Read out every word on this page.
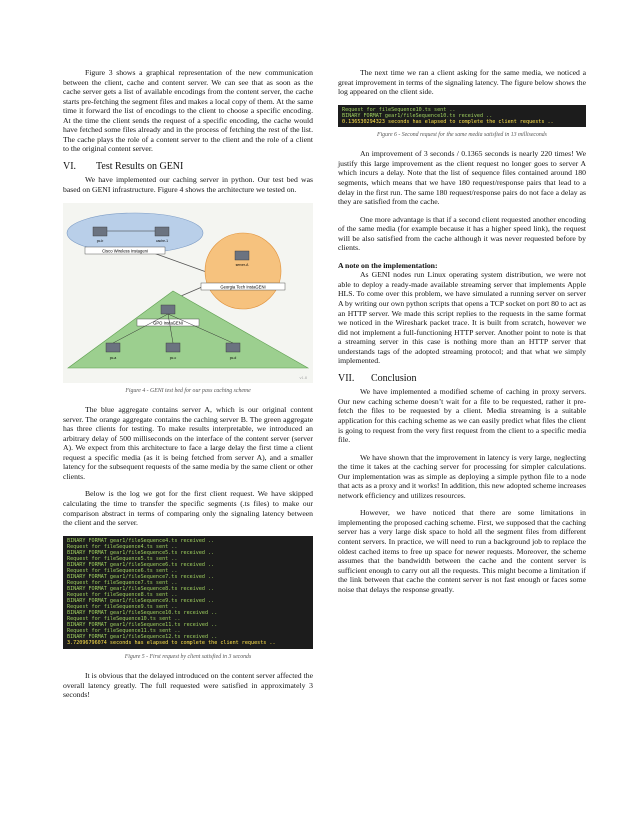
Figure 3 shows a graphical representation of the new communication between the client, cache and content server. We can see that as soon as the cache server gets a list of available encodings from the content server, the cache starts pre-fetching the segment files and makes a local copy of them. At the same time it forward the list of encodings to the client to choose a specific encoding. At the time the client sends the request of a specific encoding, the cache would have fetched some files already and in the process of fetching the rest of the list. The cache plays the role of a content server to the client and the role of a client to the original content server.

VI.	Test Results on GENI

We have implemented our caching server in python. Our test bed was based on GENI infrastructure. Figure 4 shows the architecture we tested on.

Cisco Wireless Instageni
pc-b	cache-1
Georgia Tech InstaGENI
server-A
GPO InstaGENI
pc-a	pc-c	pc-d
v1.8
Figure 4 - GENI test bed for our pass caching scheme

The blue aggregate contains server A, which is our original content server. The orange aggregate contains the caching server B. The green aggregate has three clients for testing. To make results interpretable, we introduced an arbitrary delay of 500 milliseconds on the interface of the content server (server A). We expect from this architecture to face a large delay the first time a client request a specific media (as it is being fetched from server A), and a smaller latency for the subsequent requests of the same media by the same client or other clients.

Below is the log we got for the first client request. We have skipped calculating the time to transfer the specific segments (.ts files) to make our comparison abstract in terms of comparing only the signaling latency between the client and the server.

BINARY FORMAT gear1/fileSequence4.ts received ..
Request for fileSequence4.ts sent ..
BINARY FORMAT gear1/fileSequence5.ts received ..
Request for fileSequence5.ts sent ..
BINARY FORMAT gear1/fileSequence6.ts received ..
Request for fileSequence6.ts sent ..
BINARY FORMAT gear1/fileSequence7.ts received ..
Request for fileSequence7.ts sent ..
BINARY FORMAT gear1/fileSequence8.ts received ..
Request for fileSequence8.ts sent ..
BINARY FORMAT gear1/fileSequence9.ts received ..
Request for fileSequence9.ts sent ..
BINARY FORMAT gear1/fileSequence10.ts received ..
Request for fileSequence10.ts sent ..
BINARY FORMAT gear1/fileSequence11.ts received ..
Request for fileSequence11.ts sent ..
BINARY FORMAT gear1/fileSequence12.ts received ..
3.72096796074 seconds has elapsed to complete the client requests ..
Figure 5 - First request by client satisfied in 3 seconds

It is obvious that the delayed introduced on the content server affected the overall latency greatly. The full requested were satisfied in approximately 3 seconds!

The next time we ran a client asking for the same media, we noticed a great improvement in terms of the signaling latency. The figure below shows the log appeared on the client side.

Request for fileSequence10.ts sent ..
BINARY FORMAT gear1/fileSequence10.ts received ..
0.136530294323 seconds has elapsed to complete the client requests ..
Figure 6 - Second request for the same media satisfied in 13 milliseconds

An improvement of 3 seconds / 0.1365 seconds is nearly 220 times! We justify this large improvement as the client request no longer goes to server A which incurs a delay. Note that the list of sequence files contained around 180 segments, which means that we have 180 request/response pairs that lead to a delay in the first run. The same 180 request/response pairs do not face a delay as they are satisfied from the cache.

One more advantage is that if a second client requested another encoding of the same media (for example because it has a higher speed link), the request will be also satisfied from the cache although it was never requested before by clients.

A note on the implementation:

As GENI nodes run Linux operating system distribution, we were not able to deploy a ready-made available streaming server that implements Apple HLS. To come over this problem, we have simulated a running server on server A by writing our own python scripts that opens a TCP socket on port 80 to act as an HTTP server. We made this script replies to the requests in the same format we noticed in the Wireshark packet trace. It is built from scratch, however we did not implement a full-functioning HTTP server. Another point to note is that a streaming server in this case is nothing more than an HTTP server that understands tags of the adopted streaming protocol; and that what we simply implemented.

VII.	Conclusion

We have implemented a modified scheme of caching in proxy servers. Our new caching scheme doesn’t wait for a file to be requested, rather it pre-fetch the files to be requested by a client. Media streaming is a suitable application for this caching scheme as we can easily predict what files the client is going to request from the very first request from the client to a specific media file.

We have shown that the improvement in latency is very large, neglecting the time it takes at the caching server for processing for simpler calculations. Our implementation was as simple as deploying a simple python file to a node that acts as a proxy and it works! In addition, this new adopted scheme increases network efficiency and utilizes resources.

However, we have noticed that there are some limitations in implementing the proposed caching scheme. First, we supposed that the caching server has a very large disk space to hold all the segment files from different content servers. In practice, we will need to run a background job to replace the oldest cached items to free up space for newer requests. Moreover, the scheme assumes that the bandwidth between the cache and the content server is sufficient enough to carry out all the requests. This might become a limitation if the link between that cache the content server is not fast enough or faces some noise that delays the response greatly.
